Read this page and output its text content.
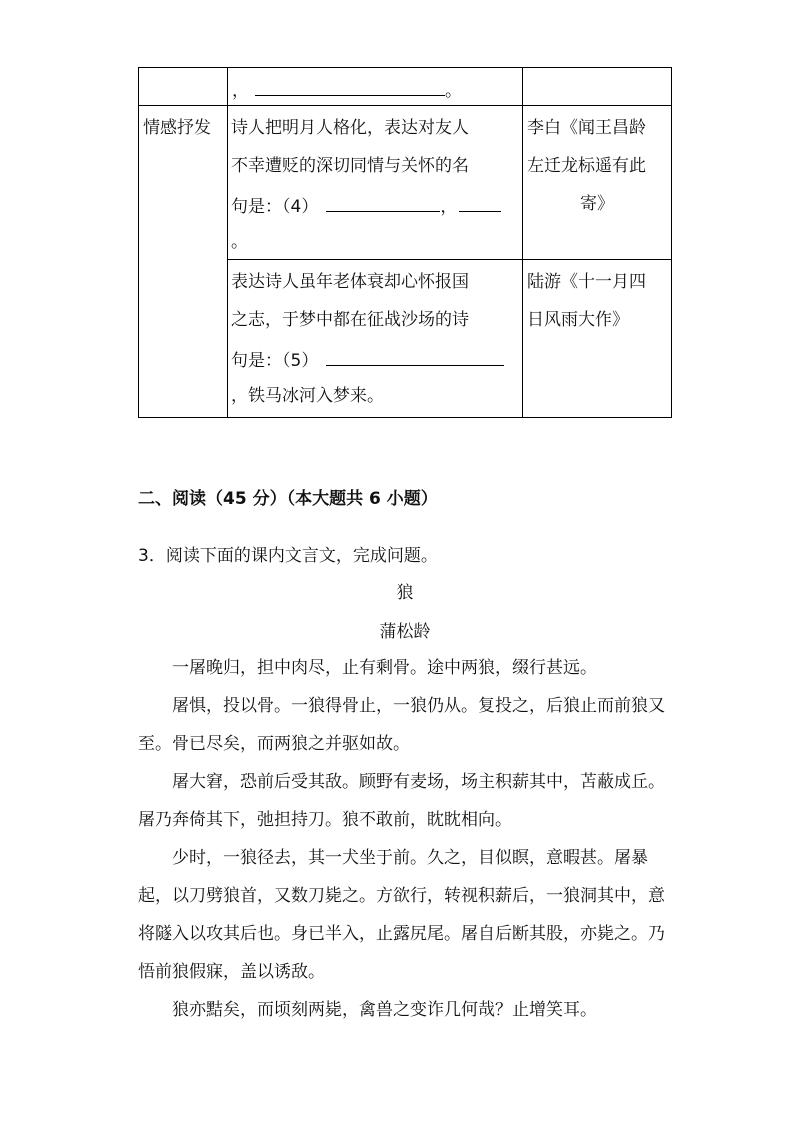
，	。
情感抒发 诗人把明月人格化，表达对友人
不幸遭贬的深切同情与关怀的名
句是：（4）	，
。
李白《闻王昌龄
左迁龙标遥有此
寄》
表达诗人虽年老体衰却心怀报国
之志，于梦中都在征战沙场的诗
句是：（5）
，铁马冰河入梦来。
陆游《十一月四
日风雨大作》
二、阅读（45 分）（本大题共 6 小题）
3．阅读下面的课内文言文，完成问题。
狼
蒲松龄
一屠晚归，担中肉尽，止有剩骨。途中两狼，缀行甚远。
屠惧，投以骨。一狼得骨止，一狼仍从。复投之，后狼止而前狼又至。骨已尽矣，而两狼之并驱如故。
屠大窘，恐前后受其敌。顾野有麦场，场主积薪其中，苫蔽成丘。屠乃奔倚其下，弛担持刀。狼不敢前，眈眈相向。
少时，一狼径去，其一犬坐于前。久之，目似瞑，意暇甚。屠暴起，以刀劈狼首，又数刀毙之。方欲行，转视积薪后，一狼洞其中，意将隧入以攻其后也。身已半入，止露尻尾。屠自后断其股，亦毙之。乃悟前狼假寐，盖以诱敌。
狼亦黠矣，而顷刻两毙，禽兽之变诈几何哉？止增笑耳。
